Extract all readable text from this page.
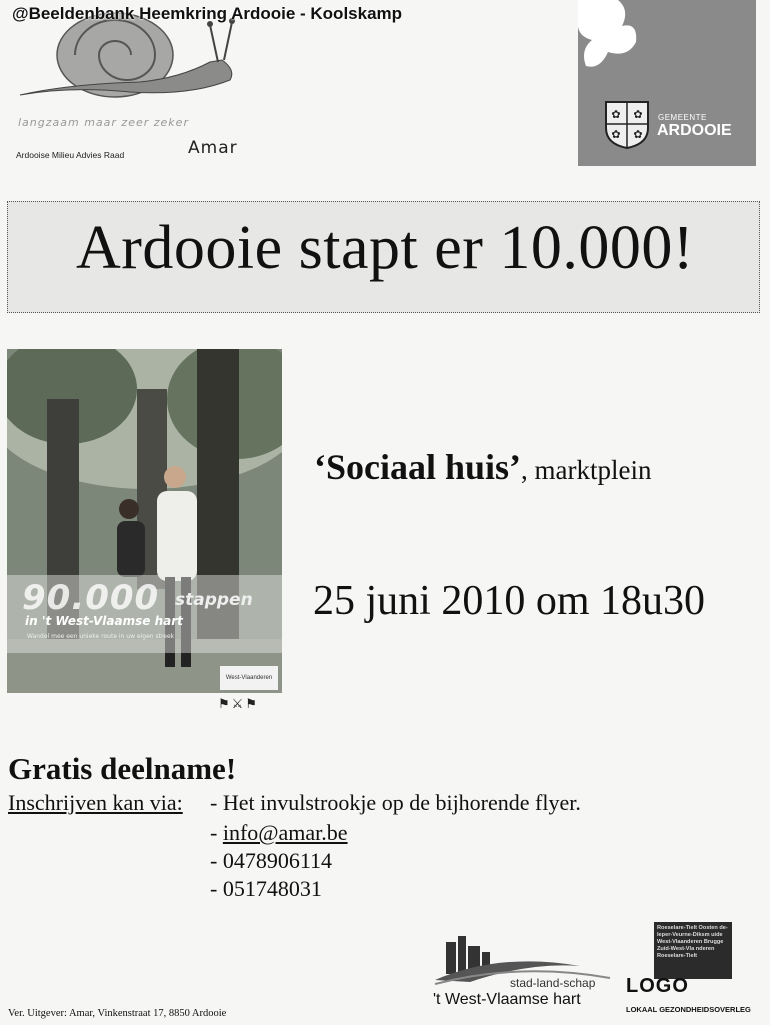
@Beeldenbank Heemkring Ardooie - Koolskamp
langzaam maar zeer zeker
Ardooise Milieu Advies Raad	Amar
✿ ✿
✿ ✿
GEMEENTE
ARDOOIE
Ardooie stapt er 10.000!
90.000 stappen
in 't West-Vlaamse hart
Wandel mee een unieke route in uw eigen streek
West-Vlaanderen
⚑⚔⚑
‘Sociaal huis’, marktplein
25 juni 2010 om 18u30
Gratis deelname!
Inschrijven kan via: - Het invulstrookje op de bijhorende flyer.
- info@amar.be
- 0478906114
- 051748031
Ver. Uitgever: Amar, Vinkenstraat 17, 8850 Ardooie
stad-land-schap
't West-Vlaamse hart
Roeselare-Tielt Oosten de-Ieper-Veurne-Diksm uide West-Vlaanderen Brugge Zuid-West-Vla nderen Roeselare-Tielt
LOGO
LOKAAL GEZONDHEIDSOVERLEG
